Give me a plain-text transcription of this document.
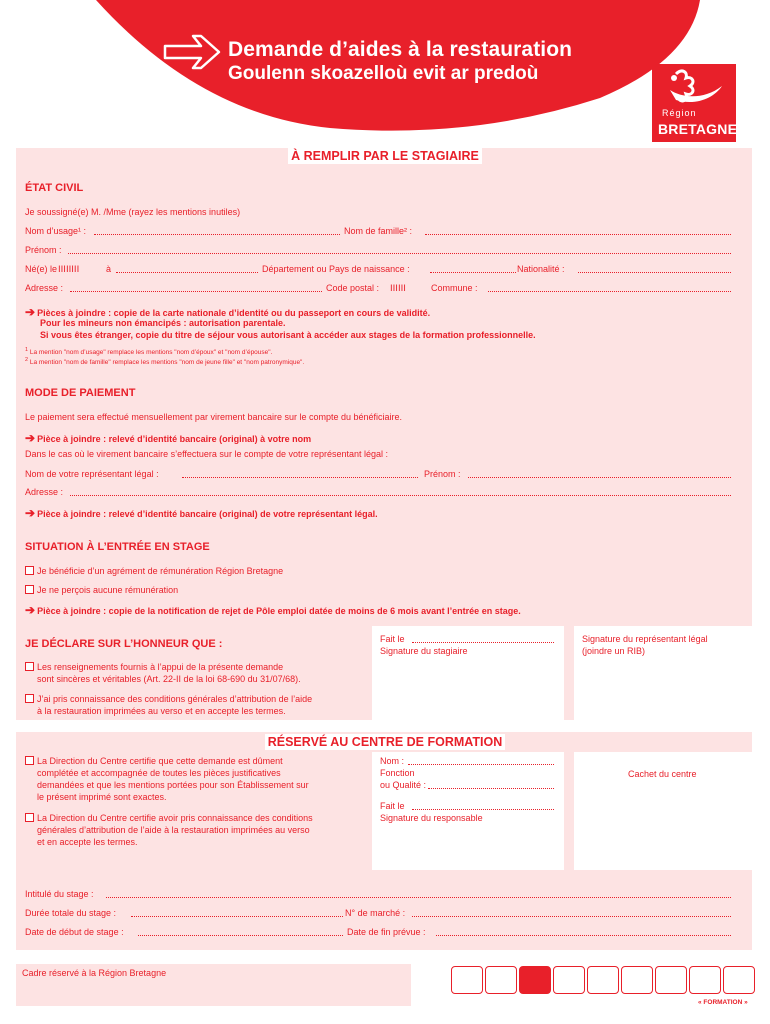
Demande d’aides à la restauration
Goulenn skoazelloù evit ar predoù
Région
BRETAGNE
À REMPLIR PAR LE STAGIAIRE
ÉTAT CIVIL
Je soussigné(e) M. /Mme (rayez les mentions inutiles)
Nom d’usage¹ :	Nom de famille² :
Prénom :
Né(e) le ⅠⅠⅠⅠⅠⅠⅠⅠ	à	Département ou Pays de naissance :	Nationalité :
Adresse :	Code postal : ⅠⅠⅠⅠⅠⅠ	Commune :
➔ Pièces à joindre : copie de la carte nationale d’identité ou du passeport en cours de validité.
Pour les mineurs non émancipés : autorisation parentale.
Si vous êtes étranger, copie du titre de séjour vous autorisant à accéder aux stages de la formation professionnelle.
$^1$ La mention "nom d’usage" remplace les mentions "nom d’époux" et "nom d’épouse".
$^2$ La mention "nom de famille" remplace les mentions "nom de jeune fille" et "nom patronymique".
MODE DE PAIEMENT
Le paiement sera effectué mensuellement par virement bancaire sur le compte du bénéficiaire.
➔ Pièce à joindre : relevé d’identité bancaire (original) à votre nom
Dans le cas où le virement bancaire s’effectuera sur le compte de votre représentant légal :
Nom de votre représentant légal :	Prénom :
Adresse :
➔ Pièce à joindre : relevé d’identité bancaire (original) de votre représentant légal.
SITUATION À L’ENTRÉE EN STAGE
Je bénéficie d’un agrément de rémunération Région Bretagne
Je ne perçois aucune rémunération
➔ Pièce à joindre : copie de la notification de rejet de Pôle emploi datée de moins de 6 mois avant l’entrée en stage.
JE DÉCLARE SUR L’HONNEUR QUE :
Les renseignements fournis à l’appui de la présente demande
sont sincères et véritables (Art. 22-II de la loi 68-690 du 31/07/68).
J’ai pris connaissance des conditions générales d’attribution de l’aide
à la restauration imprimées au verso et en accepte les termes.
Fait le
Signature du stagiaire
Signature du représentant légal
(joindre un RIB)
RÉSERVÉ AU CENTRE DE FORMATION
La Direction du Centre certifie que cette demande est dûment
complétée et accompagnée de toutes les pièces justificatives
demandées et que les mentions portées pour son Établissement sur
le présent imprimé sont exactes.
La Direction du Centre certifie avoir pris connaissance des conditions
générales d’attribution de l’aide à la restauration imprimées au verso
et en accepte les termes.
Nom :
Fonction
ou Qualité :
Fait le
Signature du responsable
Cachet du centre
Intitulé du stage :
Durée totale du stage :	N° de marché :
Date de début de stage :	Date de fin prévue :
Cadre réservé à la Région Bretagne
« FORMATION »
